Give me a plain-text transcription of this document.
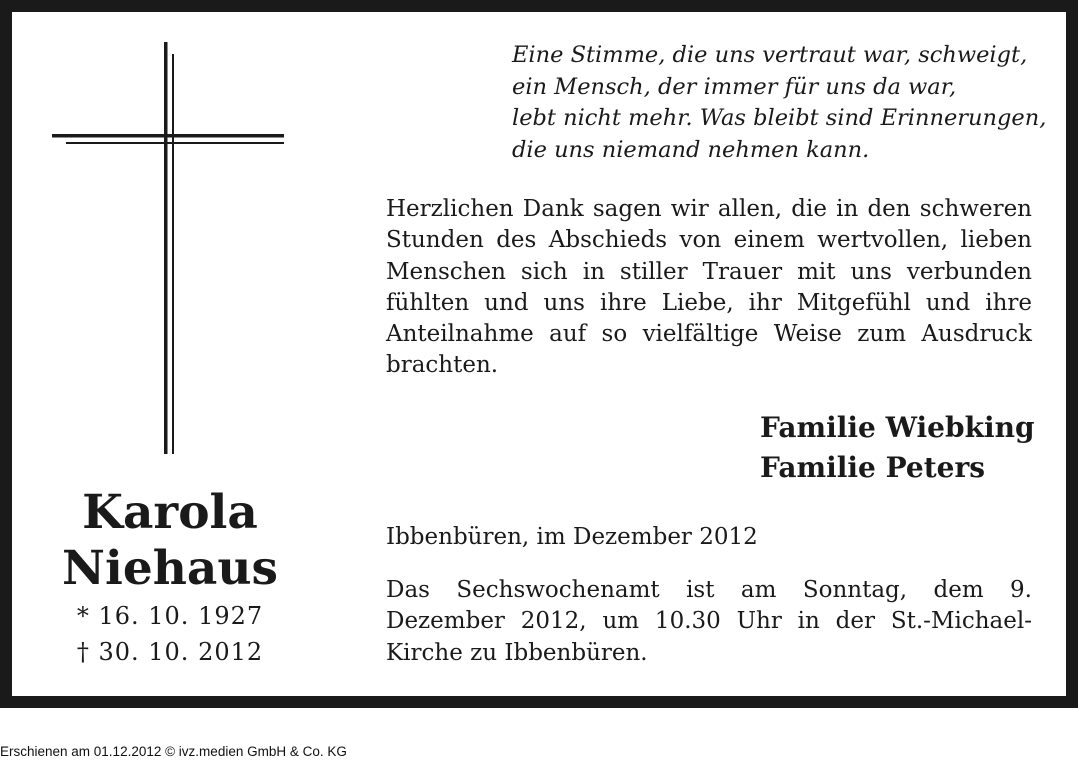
Eine Stimme, die uns vertraut war, schweigt,
ein Mensch, der immer für uns da war,
lebt nicht mehr. Was bleibt sind Erinnerungen,
die uns niemand nehmen kann.
Herzlichen Dank sagen wir allen, die in den schweren Stunden des Abschieds von einem wertvollen, lieben Menschen sich in stiller Trauer mit uns verbunden fühlten und uns ihre Liebe, ihr Mitgefühl und ihre Anteilnahme auf so vielfältige Weise zum Ausdruck brachten.
Familie Wiebking
Familie Peters
Ibbenbüren, im Dezember 2012
Das Sechswochenamt ist am Sonntag, dem 9. Dezember 2012, um 10.30 Uhr in der St.-Michael-Kirche zu Ibbenbüren.
Karola
Niehaus
* 16. 10. 1927
† 30. 10. 2012
Erschienen am 01.12.2012 © ivz.medien GmbH & Co. KG
